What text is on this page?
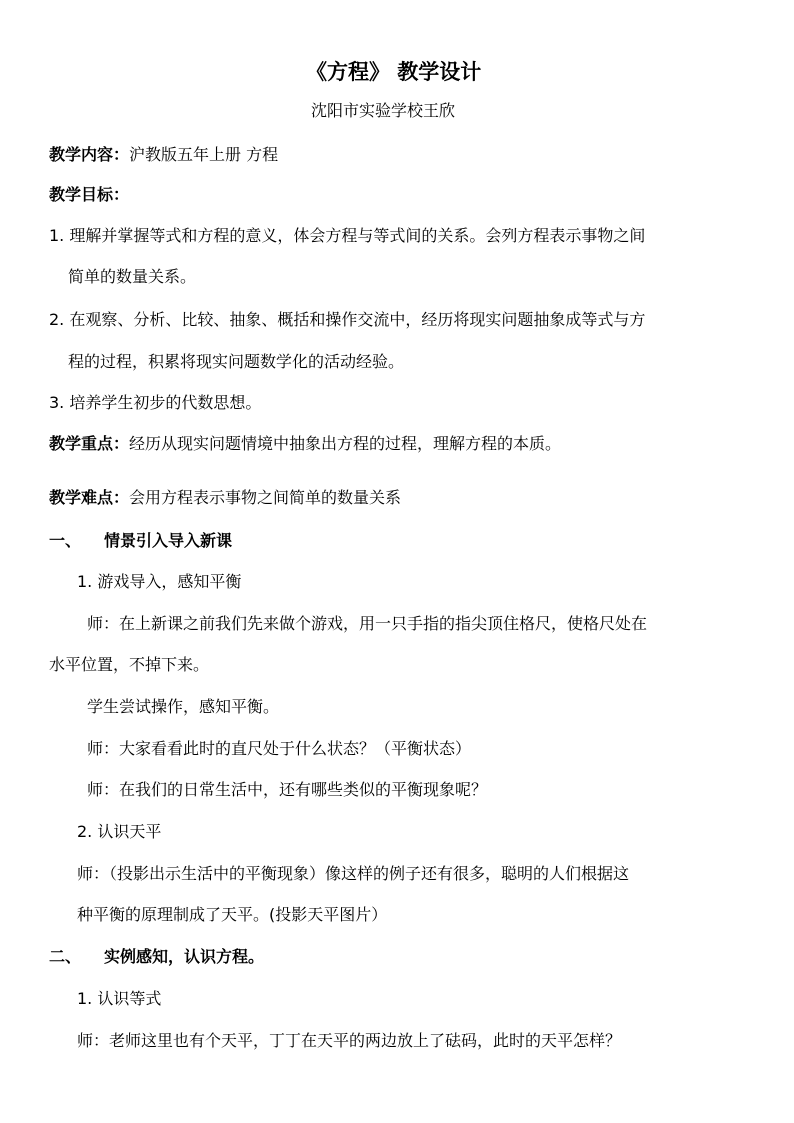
《方程》 教学设计
沈阳市实验学校王欣
教学内容：沪教版五年上册 方程
教学目标：
1. 理解并掌握等式和方程的意义，体会方程与等式间的关系。会列方程表示事物之间
简单的数量关系。
2. 在观察、分析、比较、抽象、概括和操作交流中，经历将现实问题抽象成等式与方
程的过程，积累将现实问题数学化的活动经验。
3. 培养学生初步的代数思想。
教学重点：经历从现实问题情境中抽象出方程的过程，理解方程的本质。
教学难点：会用方程表示事物之间简单的数量关系
一、 情景引入导入新课
1. 游戏导入，感知平衡
师：在上新课之前我们先来做个游戏，用一只手指的指尖顶住格尺，使格尺处在
水平位置，不掉下来。
学生尝试操作，感知平衡。
师：大家看看此时的直尺处于什么状态？（平衡状态）
师：在我们的日常生活中，还有哪些类似的平衡现象呢？
2. 认识天平
师：（投影出示生活中的平衡现象）像这样的例子还有很多，聪明的人们根据这
种平衡的原理制成了天平。(投影天平图片）
二、 实例感知，认识方程。
1. 认识等式
师：老师这里也有个天平，丁丁在天平的两边放上了砝码，此时的天平怎样？
